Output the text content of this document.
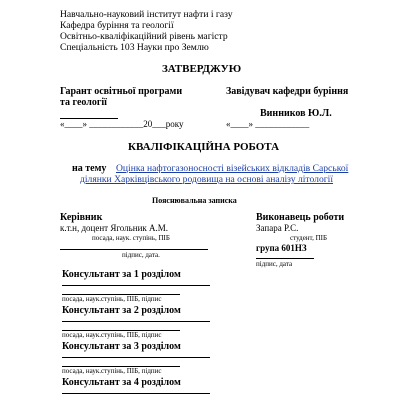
Навчально-науковий інститут нафти і газу
Кафедра буріння та геології
Освітньо-кваліфікаційний рівень магістр
Спеціальність 103 Науки про Землю
ЗАТВЕРДЖУЮ
Гарант освітньої програми
та геології
«____» ____________20___року
Завідувач кафедри буріння
Винников Ю.Л.
«____» ____________
КВАЛІФІКАЦІЙНА РОБОТА
на тему Оцінка нафтогазоносності візейських відкладів Сарської
ділянки Харківцівського родовища на основі аналізу літології
Пояснювальна записка
Керівник
к.т.н, доцент Ягольник А.М.
посада, наук. ступінь, ПІБ
підпис, дата.
Виконавець роботи
Запара Р.С.
студент, ПІБ
група 601НЗ
підпис, дата
Консультант за 1 розділом
посада, наук.ступінь, ПІБ, підпис
Консультант за 2 розділом
посада, наук.ступінь, ПІБ, підпис
Консультант за 3 розділом
посада, наук.ступінь, ПІБ, підпис
Консультант за 4 розділом
